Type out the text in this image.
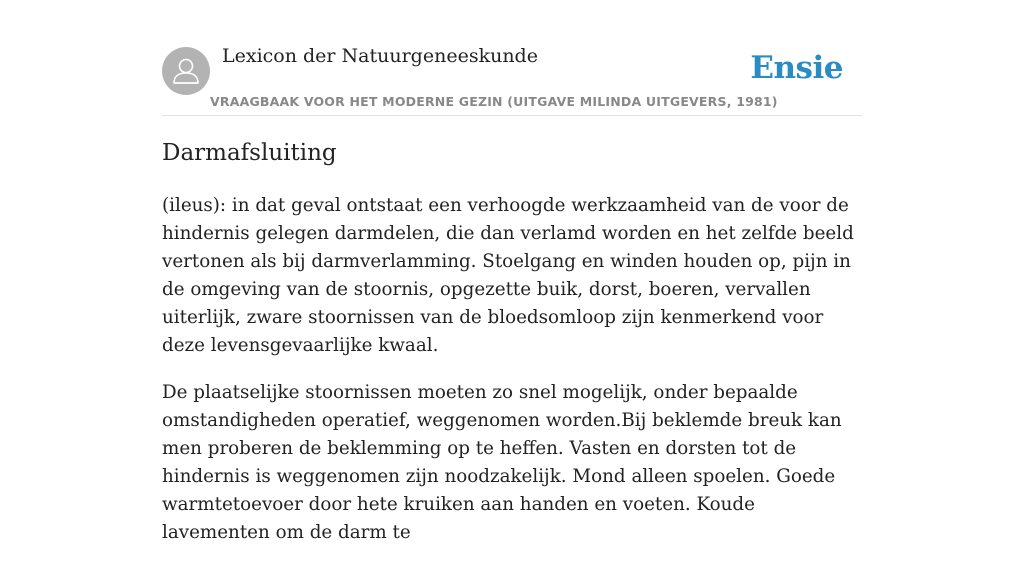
Lexicon der Natuurgeneeskunde
VRAAGBAAK VOOR HET MODERNE GEZIN (UITGAVE MILINDA UITGEVERS, 1981)
Ensie
Darmafsluiting

(ileus): in dat geval ontstaat een verhoogde werkzaamheid van de voor de hindernis gelegen darmdelen, die dan verlamd worden en het zelfde beeld vertonen als bij darmverlamming. Stoelgang en winden houden op, pijn in de omgeving van de stoornis, opgezette buik, dorst, boeren, vervallen uiterlijk, zware stoornissen van de bloedsomloop zijn kenmerkend voor deze levensgevaarlijke kwaal.

De plaatselijke stoornissen moeten zo snel mogelijk, onder bepaalde omstandigheden operatief, weggenomen worden.Bij beklemde breuk kan men proberen de beklemming op te heffen. Vasten en dorsten tot de hindernis is weggenomen zijn noodzakelijk. Mond alleen spoelen. Goede warmtetoevoer door hete kruiken aan handen en voeten. Koude lavementen om de darm te
